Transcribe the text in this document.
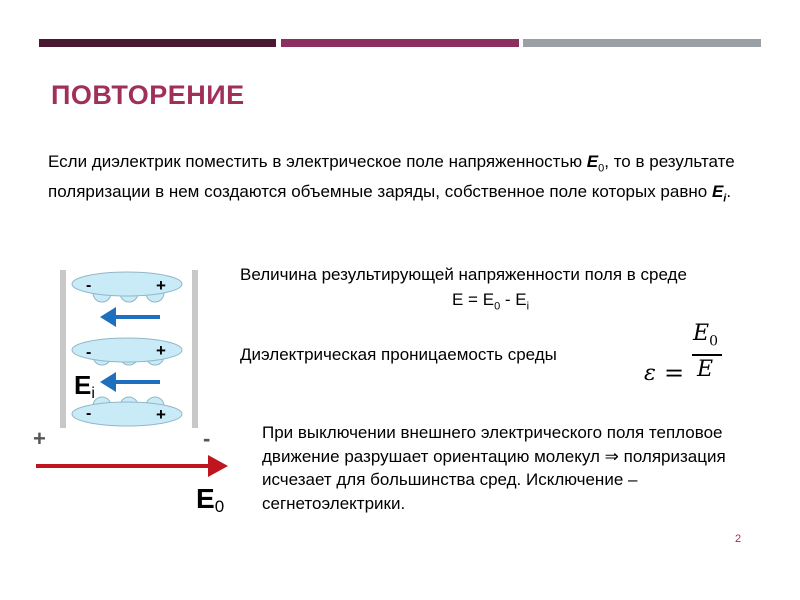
ПОВТОРЕНИЕ
Если диэлектрик поместить в электрическое поле напряженностью $E_0$, то в результате поляризации в нем создаются объемные заряды, собственное поле которых равно $E_i$.
Величина результирующей напряженности поля в среде
$E = E_0 - E_i$
Диэлектрическая проницаемость среды
ε =
$E_0$
E
При выключении внешнего электрического поля тепловое движение разрушает ориентацию молекул ⇒ поляризация исчезает для большинства сред. Исключение – сегнетоэлектрики.
-	+
-	+
-	+
Ei
+	-
E0
2
